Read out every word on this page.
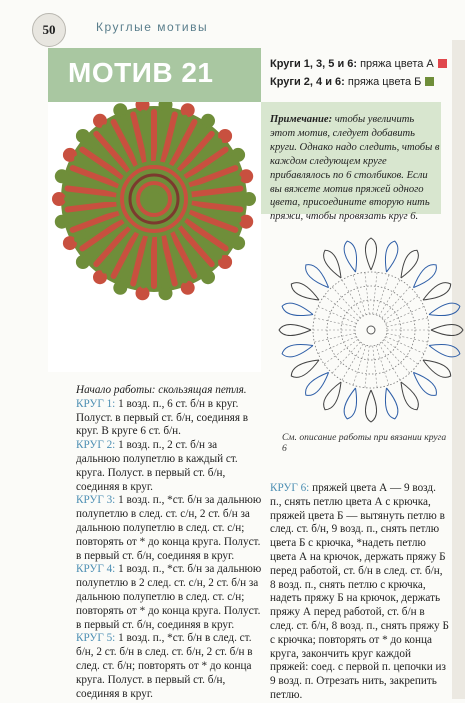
50	Круглые мотивы
МОТИВ 21	Круги 1, 3, 5 и 6: пряжа цвета А
Круги 2, 4 и 6: пряжа цвета Б
Примечание: чтобы увеличить этот мотив, следует добавить круги. Однако надо следить, чтобы в каждом следующем круге прибавлялось по 6 столбиков. Если вы вяжете мотив пряжей одного цвета, присоедините вторую нить пряжи, чтобы провязать круг 6.
См. описание работы при вязании круга 6

Начало работы: скользящая петля.

КРУГ 1: 1 возд. п., 6 ст. б/н в круг. Полуст. в первый ст. б/н, соединяя в круг. В круге 6 ст. б/н.

КРУГ 2: 1 возд. п., 2 ст. б/н за дальнюю полупетлю в каждый ст. круга. Полуст. в первый ст. б/н, соединяя в круг.

КРУГ 3: 1 возд. п., *ст. б/н за дальнюю полупетлю в след. ст. с/н, 2 ст. б/н за дальнюю полупетлю в след. ст. с/н; повторять от * до конца круга. Полуст. в первый ст. б/н, соединяя в круг.

КРУГ 4: 1 возд. п., *ст. б/н за дальнюю полупетлю в 2 след. ст. с/н, 2 ст. б/н за дальнюю полупетлю в след. ст. с/н; повторять от * до конца круга. Полуст. в первый ст. б/н, соединяя в круг.

КРУГ 5: 1 возд. п., *ст. б/н в след. ст. б/н, 2 ст. б/н в след. ст. б/н, 2 ст. б/н в след. ст. б/н; повторять от * до конца круга. Полуст. в первый ст. б/н, соединяя в круг.

КРУГ 6: пряжей цвета А — 9 возд. п., снять петлю цвета А с крючка, пряжей цвета Б — вытянуть петлю в след. ст. б/н, 9 возд. п., снять петлю цвета Б с крючка, *надеть петлю цвета А на крючок, держать пряжу Б перед работой, ст. б/н в след. ст. б/н, 8 возд. п., снять петлю с крючка, надеть пряжу Б на крючок, держать пряжу А перед работой, ст. б/н в след. ст. б/н, 8 возд. п., снять пряжу Б с крючка; повторять от * до конца круга, закончить круг каждой пряжей: соед. с первой п. цепочки из 9 возд. п. Отрезать нить, закрепить петлю.
